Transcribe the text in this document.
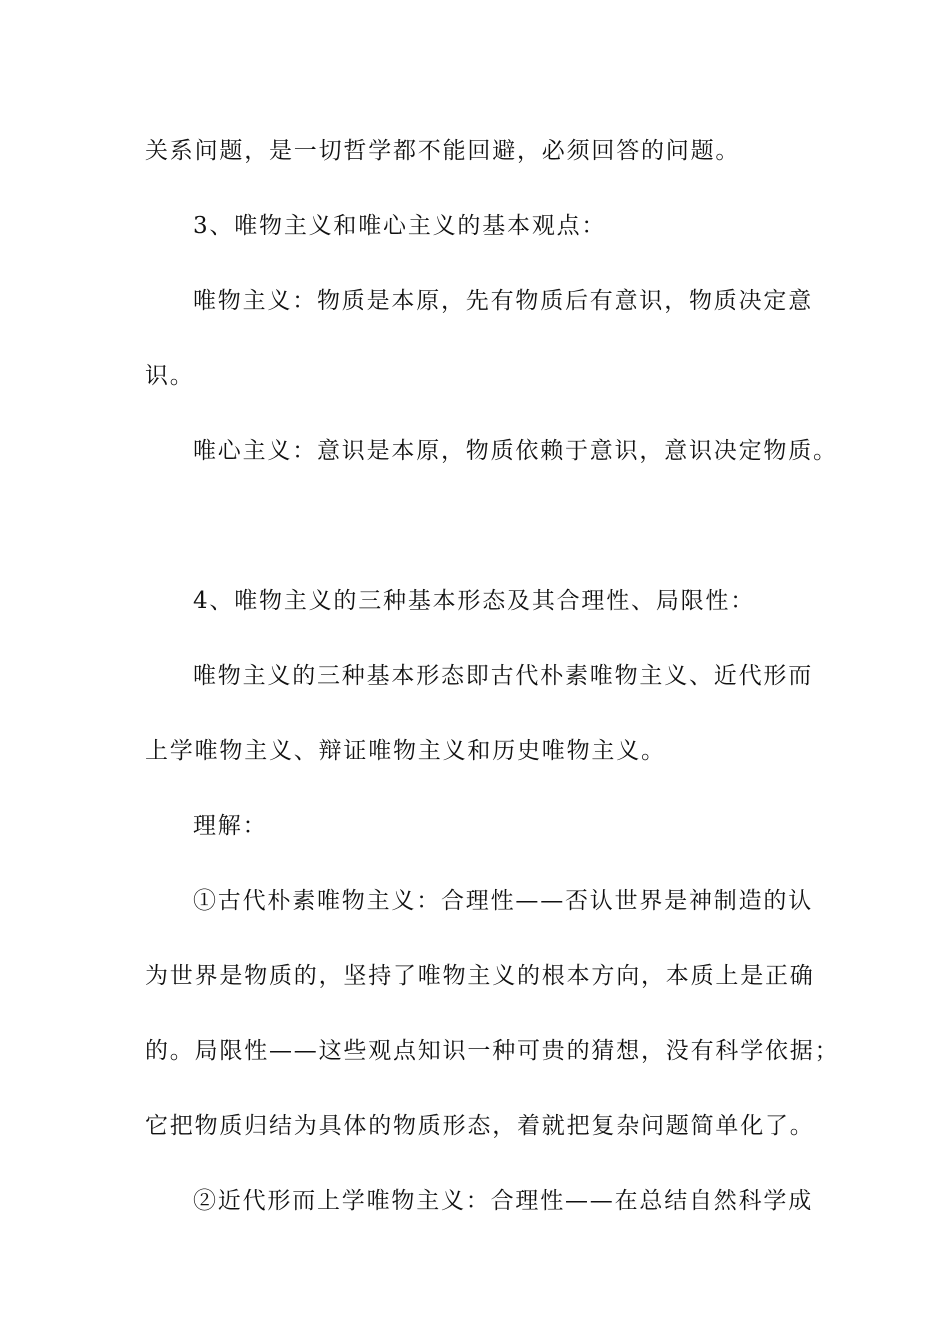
关系问题，是一切哲学都不能回避，必须回答的问题。
3、唯物主义和唯心主义的基本观点：
唯物主义：物质是本原，先有物质后有意识，物质决定意
识。
唯心主义：意识是本原，物质依赖于意识，意识决定物质。
4、唯物主义的三种基本形态及其合理性、局限性：
唯物主义的三种基本形态即古代朴素唯物主义、近代形而
上学唯物主义、辩证唯物主义和历史唯物主义。
理解：
①古代朴素唯物主义：合理性——否认世界是神制造的认
为世界是物质的，坚持了唯物主义的根本方向，本质上是正确
的。局限性——这些观点知识一种可贵的猜想，没有科学依据；
它把物质归结为具体的物质形态，着就把复杂问题简单化了。
②近代形而上学唯物主义：合理性——在总结自然科学成
